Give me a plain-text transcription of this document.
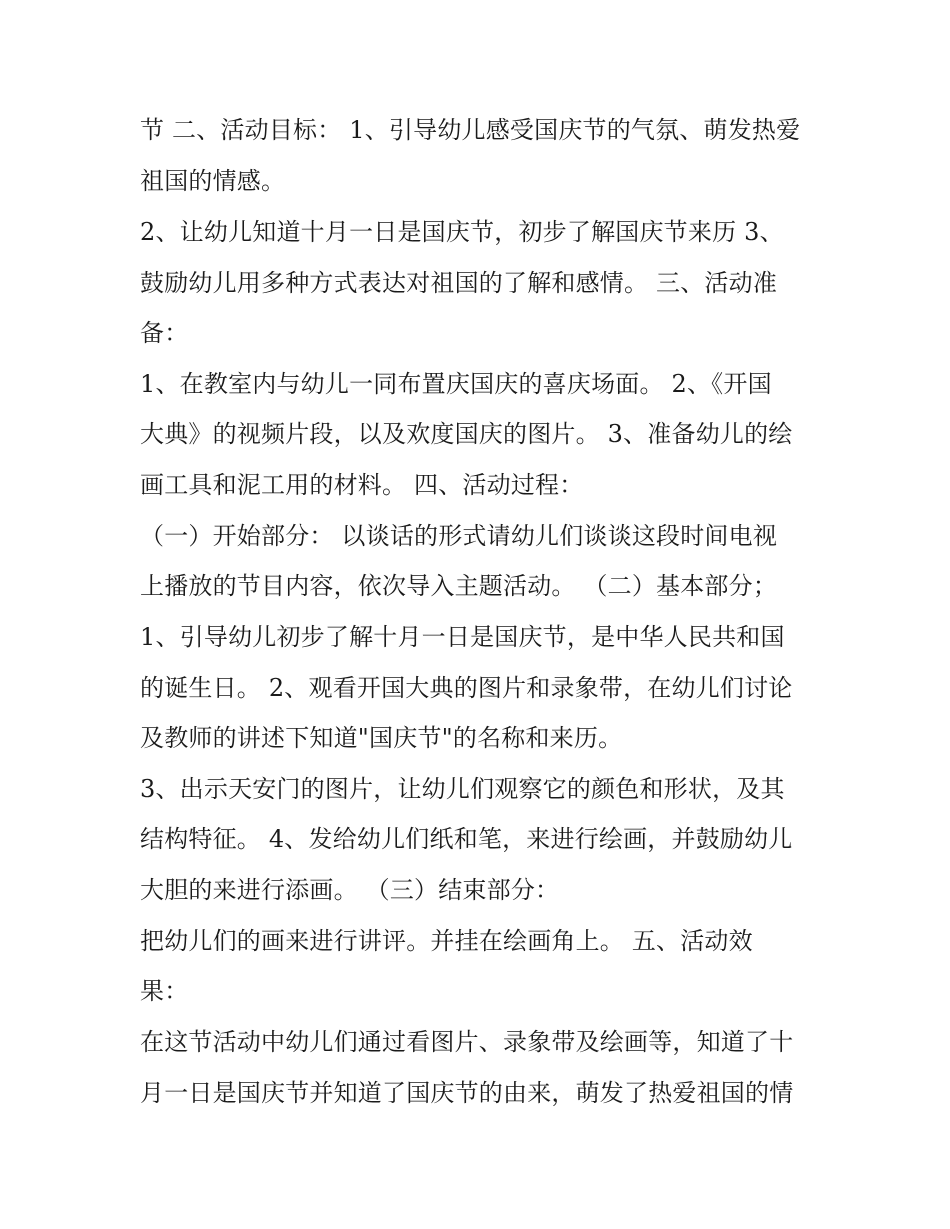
节 二、活动目标： 1、引导幼儿感受国庆节的气氛、萌发热爱
祖国的情感。
2、让幼儿知道十月一日是国庆节，初步了解国庆节来历 3、
鼓励幼儿用多种方式表达对祖国的了解和感情。 三、活动准
备：
1、在教室内与幼儿一同布置庆国庆的喜庆场面。 2、《开国
大典》的视频片段，以及欢度国庆的图片。 3、准备幼儿的绘
画工具和泥工用的材料。 四、活动过程：
（一）开始部分： 以谈话的形式请幼儿们谈谈这段时间电视
上播放的节目内容，依次导入主题活动。 （二）基本部分；
1、引导幼儿初步了解十月一日是国庆节，是中华人民共和国
的诞生日。 2、观看开国大典的图片和录象带，在幼儿们讨论
及教师的讲述下知道"国庆节"的名称和来历。
3、出示天安门的图片，让幼儿们观察它的颜色和形状，及其
结构特征。 4、发给幼儿们纸和笔，来进行绘画，并鼓励幼儿
大胆的来进行添画。 （三）结束部分：
把幼儿们的画来进行讲评。并挂在绘画角上。 五、活动效
果：
在这节活动中幼儿们通过看图片、录象带及绘画等，知道了十
月一日是国庆节并知道了国庆节的由来，萌发了热爱祖国的情
